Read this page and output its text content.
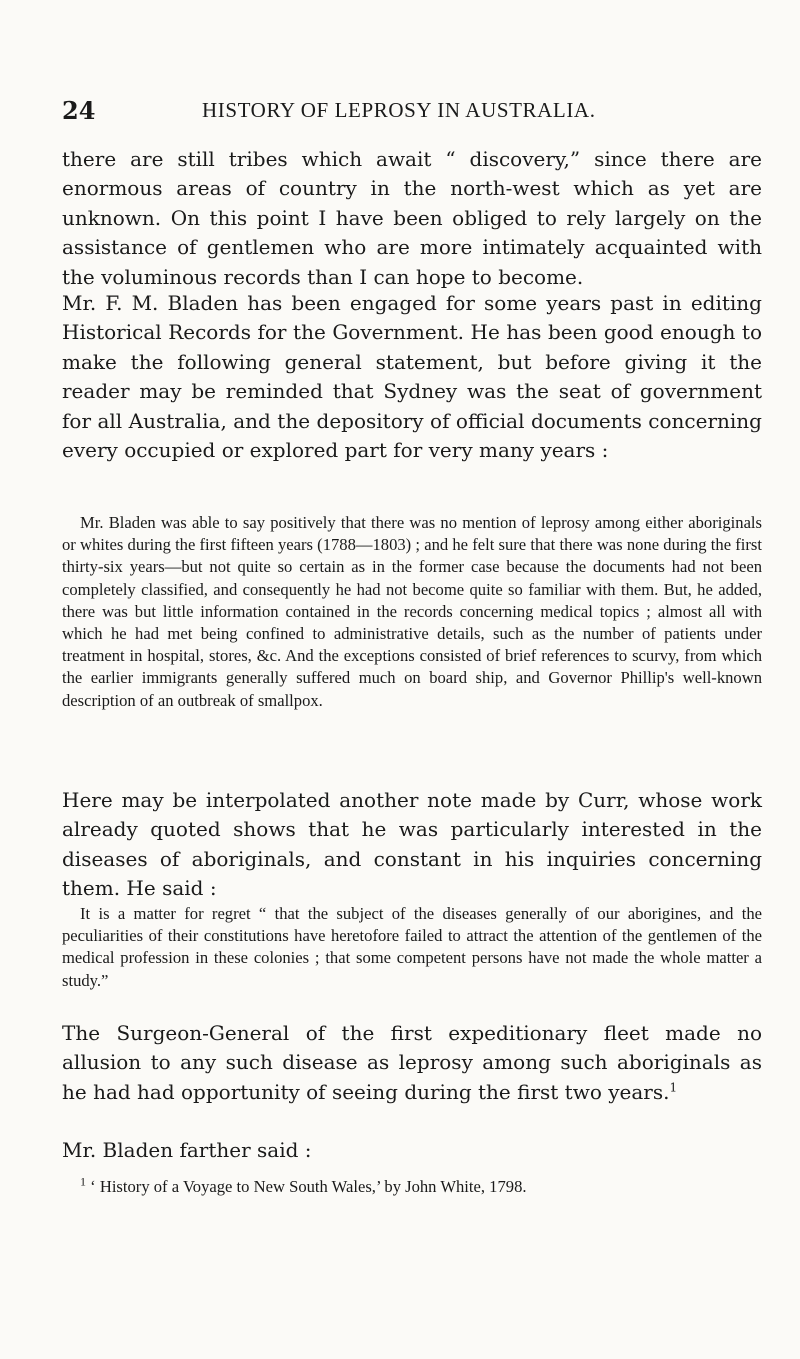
24	HISTORY OF LEPROSY IN AUSTRALIA.

there are still tribes which await “ discovery,” since there are enormous areas of country in the north-west which as yet are unknown. On this point I have been obliged to rely largely on the assistance of gentlemen who are more intimately acquainted with the voluminous records than I can hope to become.

Mr. F. M. Bladen has been engaged for some years past in editing Historical Records for the Government. He has been good enough to make the following general statement, but before giving it the reader may be reminded that Sydney was the seat of government for all Australia, and the depository of official documents concerning every occupied or explored part for very many years :

Mr. Bladen was able to say positively that there was no mention of leprosy among either aboriginals or whites during the first fifteen years (1788—1803) ; and he felt sure that there was none during the first thirty-six years—but not quite so certain as in the former case because the documents had not been completely classified, and consequently he had not become quite so familiar with them. But, he added, there was but little information contained in the records concerning medical topics ; almost all with which he had met being confined to administrative details, such as the number of patients under treatment in hospital, stores, &c. And the exceptions consisted of brief references to scurvy, from which the earlier immigrants generally suffered much on board ship, and Governor Phillip's well-known description of an outbreak of smallpox.

Here may be interpolated another note made by Curr, whose work already quoted shows that he was particularly interested in the diseases of aboriginals, and constant in his inquiries concerning them. He said :

It is a matter for regret “ that the subject of the diseases generally of our aborigines, and the peculiarities of their constitutions have heretofore failed to attract the attention of the gentlemen of the medical profession in these colonies ; that some competent persons have not made the whole matter a study.”

The Surgeon-General of the first expeditionary fleet made no allusion to any such disease as leprosy among such aboriginals as he had had opportunity of seeing during the first two years.$^1$

Mr. Bladen farther said :

$^1$ ‘ History of a Voyage to New South Wales,’ by John White, 1798.
